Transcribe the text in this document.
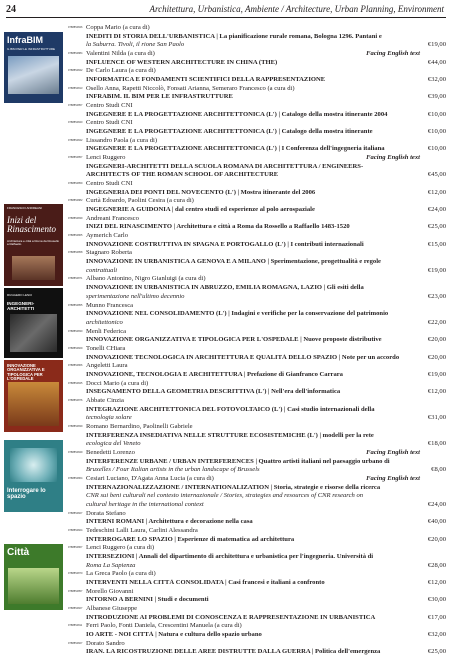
24	Architettura, Urbanistica, Ambiente / Architecture, Urban Planning, Environment
InfraBIM
IL BIM PER LE INFRASTRUTTURE
FRANCESCO ANDREANI
Inizi del Rinascimento
Architettura e città a Roma da Rossello a Raffaello
RUGGERO LENCI
INGEGNERI-ARCHITETTI
INNOVAZIONE ORGANIZZATIVA E TIPOLOGICA PER L'OSPEDALE
Interrogare lo spazio
Città
9788854846 Coppa Mario (a cura di)
INEDITI DI STORIA DELL'URBANISTICA | La pianificazione rurale romana, Bologna 1296. Pantani e
la Suburra. Tivoli, il rione San Paolo	€19,00
9788854884 Valentini Nilda (a cura di)	Facing English text
INFLUENCE OF WESTERN ARCHITECTURE IN CHINA (THE)	€44,00
9788854842 De Carlo Laura (a cura di)
INFORMATICA E FONDAMENTI SCIENTIFICI DELLA RAPPRESENTAZIONE	€32,00
9788854813 Osello Anna, Rapetti Niccolò, Fonsati Arianna, Semeraro Francesco (a cura di)
INFRABIM. IL BIM PER LE INFRASTRUTTURE	€39,00
9788854857 Centro Studi CNI
INGEGNERE E LA PROGETTAZIONE ARCHITETTONICA (L') | Catalogo della mostra itinerante 2004	€10,00
9788854840 Centro Studi CNI
INGEGNERE E LA PROGETTAZIONE ARCHITETTONICA (L') | Catalogo della mostra itinerante	€10,00
9788854842 Lissandro Paola (a cura di)
INGEGNERE E LA PROGETTAZIONE ARCHITETTONICA (L') | I Conferenza dell'ingegneria italiana	€10,00
9788854857 Lenci Ruggero	Facing English text
INGEGNERI-ARCHITETTI DELLA SCUOLA ROMANA DI ARCHITETTURA / ENGINEERS-
ARCHITECTS OF THE ROMAN SCHOOL OF ARCHITECTURE	€45,00
9788854859 Centro Studi CNI
INGEGNERIA DEI PONTI DEL NOVECENTO (L') | Mostra itinerante del 2006	€12,00
9788854882 Curtà Edoardo, Paolini Cesira (a cura di)
INGEGNERIE A GUIDONIA | dal centro studi ed esperienze al polo aerospaziale	€24,00
9788854839 Andreani Francesco
INIZI DEL RINASCIMENTO | Architettura e città a Roma da Rossello a Raffaello 1483-1520	€25,00
9788854865 Aymerich Carlo
INNOVAZIONE COSTRUTTIVA IN SPAGNA E PORTOGALLO (L') | I contributi internazionali	€15,00
9788854858 Stagnaro Roberta
INNOVAZIONE IN URBANISTICA A GENOVA E A MILANO | Sperimentazione, progettualità e regole
contrattuali	€19,00
9788854871 Albano Antonino, Nigro Gianluigi (a cura di)
INNOVAZIONE IN URBANISTICA IN ABRUZZO, EMILIA ROMAGNA, LAZIO | Gli esiti della
sperimentazione nell'ultimo decennio	€23,00
9788854855 Munno Francesca
INNOVAZIONE NEL CONSOLIDAMENTO (L') | Indagini e verifiche per la conservazione del patrimonio
architettonico	€22,00
9788854830 Menli Federica
INNOVAZIONE ORGANIZZATIVA E TIPOLOGICA PER L'OSPEDALE | Nuove proposte distributive	€20,00
9788854829 Tonelli CHiara
INNOVAZIONE TECNOLOGICA IN ARCHITETTURA E QUALITÀ DELLO SPAZIO | Note per un accordo	€20,00
9788854866 Angeletti Laura
INNOVAZIONE, TECNOLOGIA E ARCHITETTURA | Prefazione di Gianfranco Carrara	€19,00
9788854845 Docci Mario (a cura di)
INSEGNAMENTO DELLA GEOMETRIA DESCRITTIVA (L') | Nell'era dell'informatica	€12,00
9788854876 Abbate Cinzia
INTEGRAZIONE ARCHITETTONICA DEL FOTOVOLTAICO (L') | Casi studio internazionali della
tecnologia solare	€31,00
9788854839 Romano Bernardino, Paolinelli Gabriele
INTERFERENZA INSEDIATIVA NELLE STRUTTURE ECOSISTEMICHE (L') | modelli per la rete
ecologica del Veneto	€18,00
9788854849 Benedetti Lorenzo	Facing English text
INTERFERENZE URBANE / URBAN INTERFERENCES | Quattro artisti italiani nel paesaggio urbano di
Bruxelles / Four Italian artists in the urban landscape of Brussels	€8,00
9788854864 Cesiari Luciano, D'Agata Anna Lucia (a cura di)	Facing English text
INTERNAZIONALIZZAZIONE / INTERNATIONALIZATION | Storia, strategie e risorse della ricerca
CNR sui beni culturali nel contesto internazionale / Stories, strategies and resources of CNR research on
cultural heritage in the international context	€24,00
9788854827 Dorata Stefano
INTERNI ROMANI | Architettura e decorazione nella casa	€40,00
9788854824 Tedeschini Lalli Laura, Carlini Alessandra
INTERROGARE LO SPAZIO | Esperienze di matematica ad architettura	€20,00
9788854867 Lenci Ruggero (a cura di)
INTERSEZIONI | Annali del dipartimento di architettura e urbanistica per l'ingegneria. Università di
Roma La Sapienza	€28,00
9788854870 La Greca Paolo (a cura di)
INTERVENTI NELLA CITTÀ CONSOLIDATA | Casi francesi e italiani a confronto	€12,00
9788854857 Morello Giovanni
INTORNO A BERNINI | Studi e documenti	€30,00
9788854827 Albanese Giuseppe
INTRODUZIONE AI PROBLEMI DI CONOSCENZA E RAPPRESENTAZIONE IN URBANISTICA	€17,00
9788854811 Ferri Paolo, Fonti Daniela, Crescentini Manuela (a cura di)
IO ARTE - NOI CITTÀ | Natura e cultura dello spazio urbano	€32,00
9788854827 Dorato Sandro
IRAN. LA RICOSTRUZIONE DELLE AREE DISTRUTTE DALLA GUERRA | Politica dell'emergenza	€25,00
